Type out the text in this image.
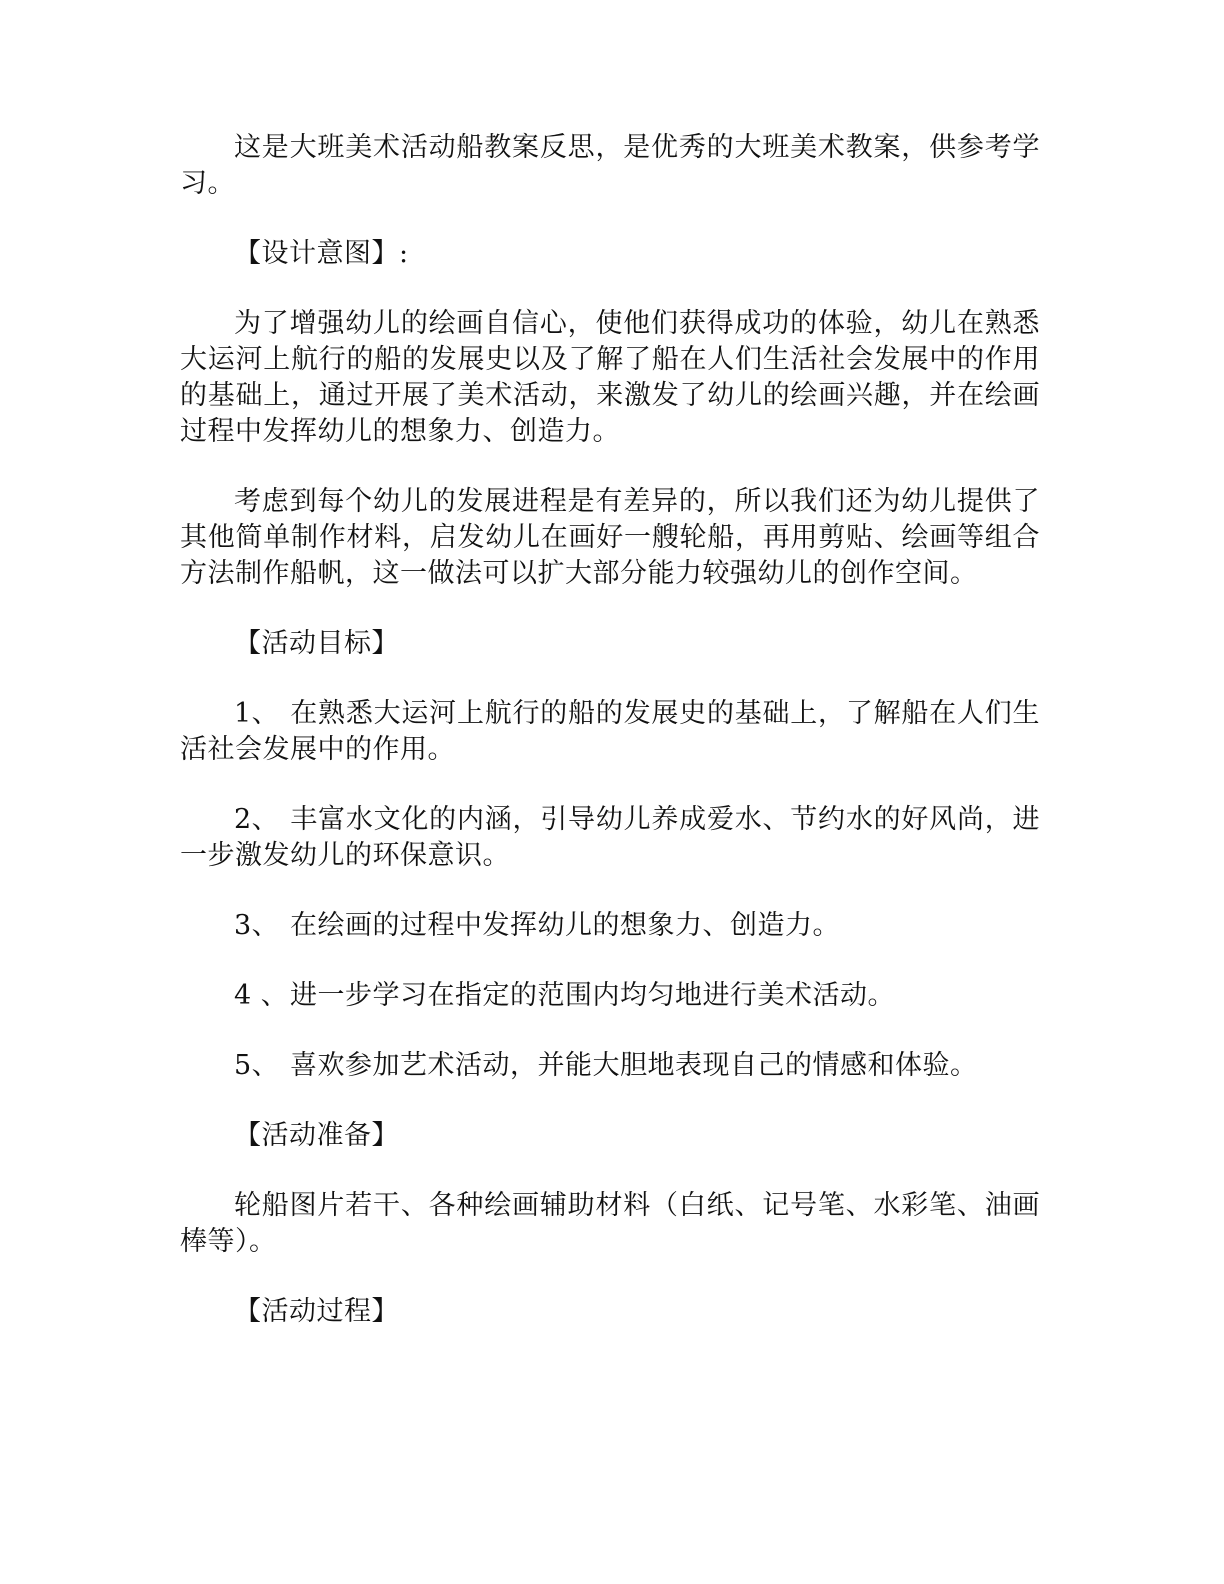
这是大班美术活动船教案反思，是优秀的大班美术教案，供参考学习。

【设计意图】:

为了增强幼儿的绘画自信心，使他们获得成功的体验，幼儿在熟悉大运河上航行的船的发展史以及了解了船在人们生活社会发展中的作用的基础上，通过开展了美术活动，来激发了幼儿的绘画兴趣，并在绘画过程中发挥幼儿的想象力、创造力。

考虑到每个幼儿的发展进程是有差异的，所以我们还为幼儿提供了其他简单制作材料，启发幼儿在画好一艘轮船，再用剪贴、绘画等组合方法制作船帆，这一做法可以扩大部分能力较强幼儿的创作空间。

【活动目标】

1、 在熟悉大运河上航行的船的发展史的基础上，了解船在人们生活社会发展中的作用。

2、 丰富水文化的内涵，引导幼儿养成爱水、节约水的好风尚，进一步激发幼儿的环保意识。

3、 在绘画的过程中发挥幼儿的想象力、创造力。

4 、进一步学习在指定的范围内均匀地进行美术活动。

5、 喜欢参加艺术活动，并能大胆地表现自己的情感和体验。

【活动准备】

轮船图片若干、各种绘画辅助材料（白纸、记号笔、水彩笔、油画棒等）。

【活动过程】
